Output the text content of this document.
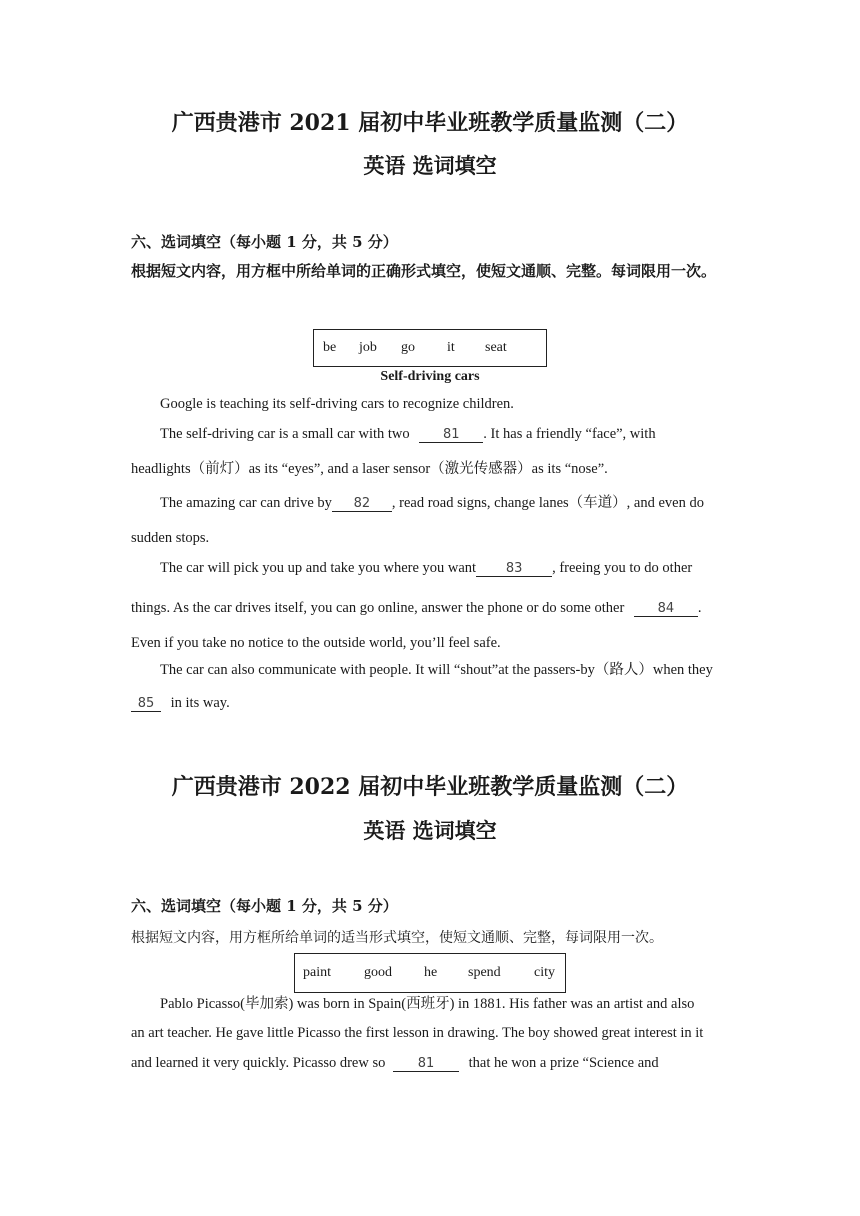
广西贵港市 2021 届初中毕业班教学质量监测（二）
英语 选词填空
六、选词填空（每小题 1 分，共 5 分）
根据短文内容，用方框中所给单词的正确形式填空，使短文通顺、完整。每词限用一次。
be job go it seat
Self-driving cars
Google is teaching its self-driving cars to recognize children.
The self-driving car is a small car with two	81 . It has a friendly “face”, with
headlights（前灯）as its “eyes”, and a laser sensor（激光传感器）as its “nose”.
The amazing car can drive by 82 , read road signs, change lanes（车道）, and even do
sudden stops.
The car will pick you up and take you where you want 83 , freeing you to do other
things. As the car drives itself, you can go online, answer the phone or do some other	84 .
Even if you take no notice to the outside world, you’ll feel safe.
The car can also communicate with people. It will “shout”at the passers-by（路人）when they
85 in its way.
广西贵港市 2022 届初中毕业班教学质量监测（二）
英语 选词填空
六、选词填空（每小题 1 分，共 5 分）
根据短文内容，用方框所给单词的适当形式填空，使短文通顺、完整，每词限用一次。
paint good he spend city
Pablo Picasso(毕加索) was born in Spain(西班牙) in 1881. His father was an artist and also
an art teacher. He gave little Picasso the first lesson in drawing. The boy showed great interest in it
and learned it very quickly. Picasso drew so 81 that he won a prize “Science and
